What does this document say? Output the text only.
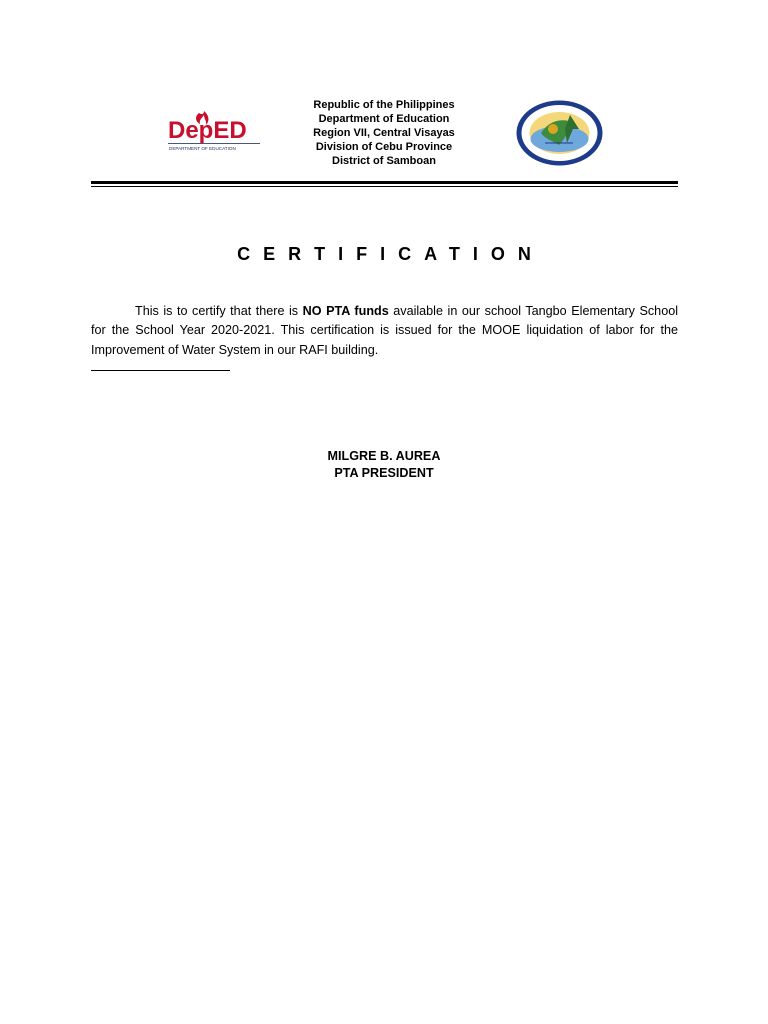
DepED
DEPARTMENT OF EDUCATION
Republic of the Philippines
Department of Education
Region VII, Central Visayas
Division of Cebu Province
District of Samboan
CERTIFICATION
This is to certify that there is NO PTA funds available in our school Tangbo Elementary School for the School Year 2020-2021. This certification is issued for the MOOE liquidation of labor for the Improvement of Water System in our RAFI building.
MILGRE B. AUREA
PTA PRESIDENT
